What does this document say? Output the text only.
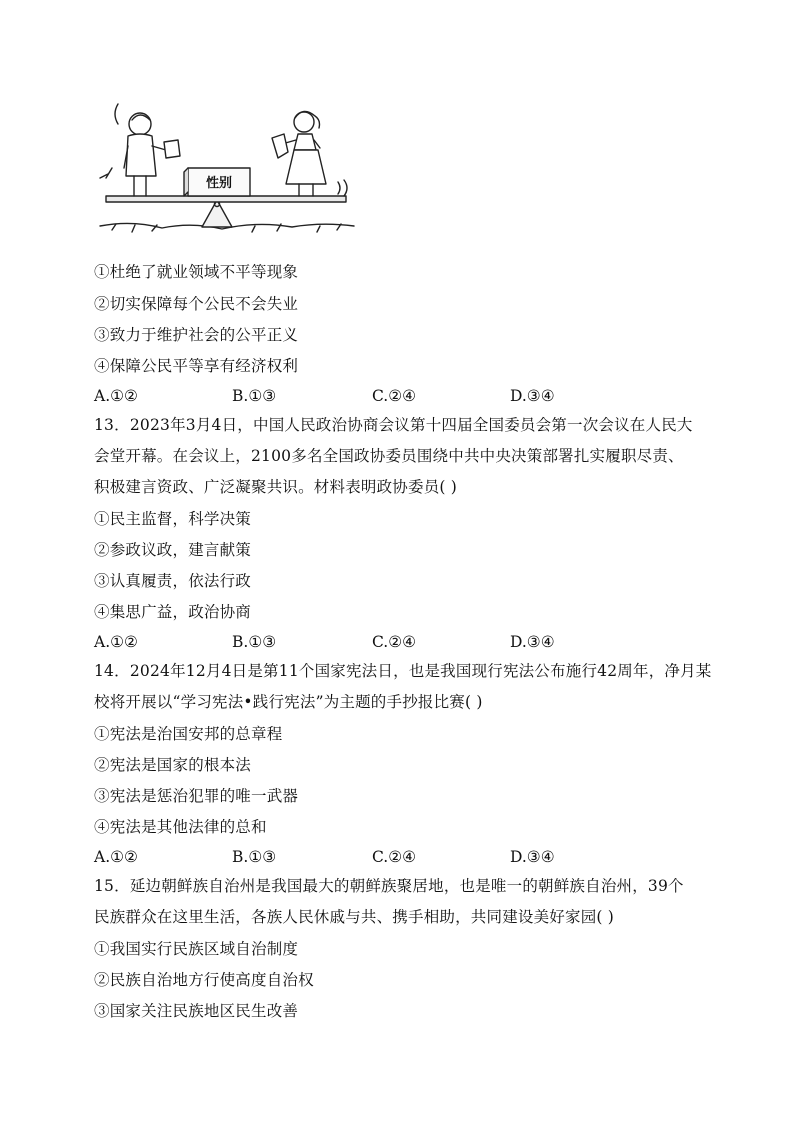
性别
①杜绝了就业领域不平等现象
②切实保障每个公民不会失业
③致力于维护社会的公平正义
④保障公民平等享有经济权利
A.①②	B.①③	C.②④	D.③④
13．2023年3月4日，中国人民政治协商会议第十四届全国委员会第一次会议在人民大
会堂开幕。在会议上，2100多名全国政协委员围绕中共中央决策部署扎实履职尽责、
积极建言资政、广泛凝聚共识。材料表明政协委员( )
①民主监督，科学决策
②参政议政，建言献策
③认真履责，依法行政
④集思广益，政治协商
A.①②	B.①③	C.②④	D.③④
14．2024年12月4日是第11个国家宪法日，也是我国现行宪法公布施行42周年，净月某
校将开展以“学习宪法•践行宪法”为主题的手抄报比赛( )
①宪法是治国安邦的总章程
②宪法是国家的根本法
③宪法是惩治犯罪的唯一武器
④宪法是其他法律的总和
A.①②	B.①③	C.②④	D.③④
15．延边朝鲜族自治州是我国最大的朝鲜族聚居地，也是唯一的朝鲜族自治州，39个
民族群众在这里生活，各族人民休戚与共、携手相助，共同建设美好家园( )
①我国实行民族区域自治制度
②民族自治地方行使高度自治权
③国家关注民族地区民生改善
